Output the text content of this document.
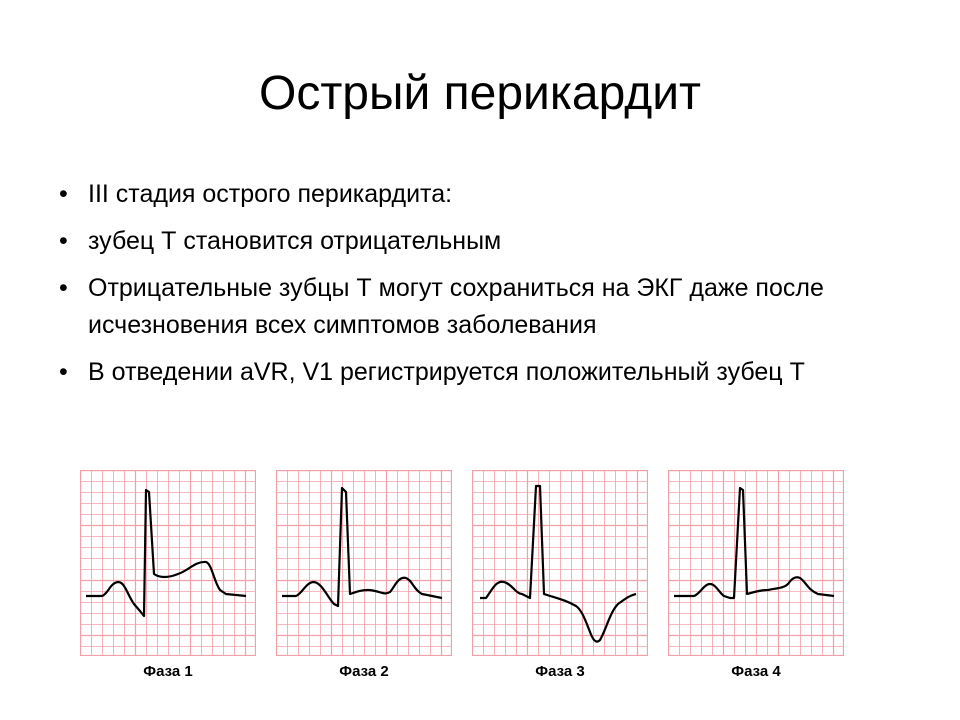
Острый перикардит
• III стадия острого перикардита:
• зубец Т становится отрицательным
• Отрицательные зубцы Т могут сохраниться на ЭКГ даже после исчезновения всех симптомов заболевания
• В отведении aVR, V1 регистрируется положительный зубец Т
Фаза 1	Фаза 2	Фаза 3	Фаза 4
